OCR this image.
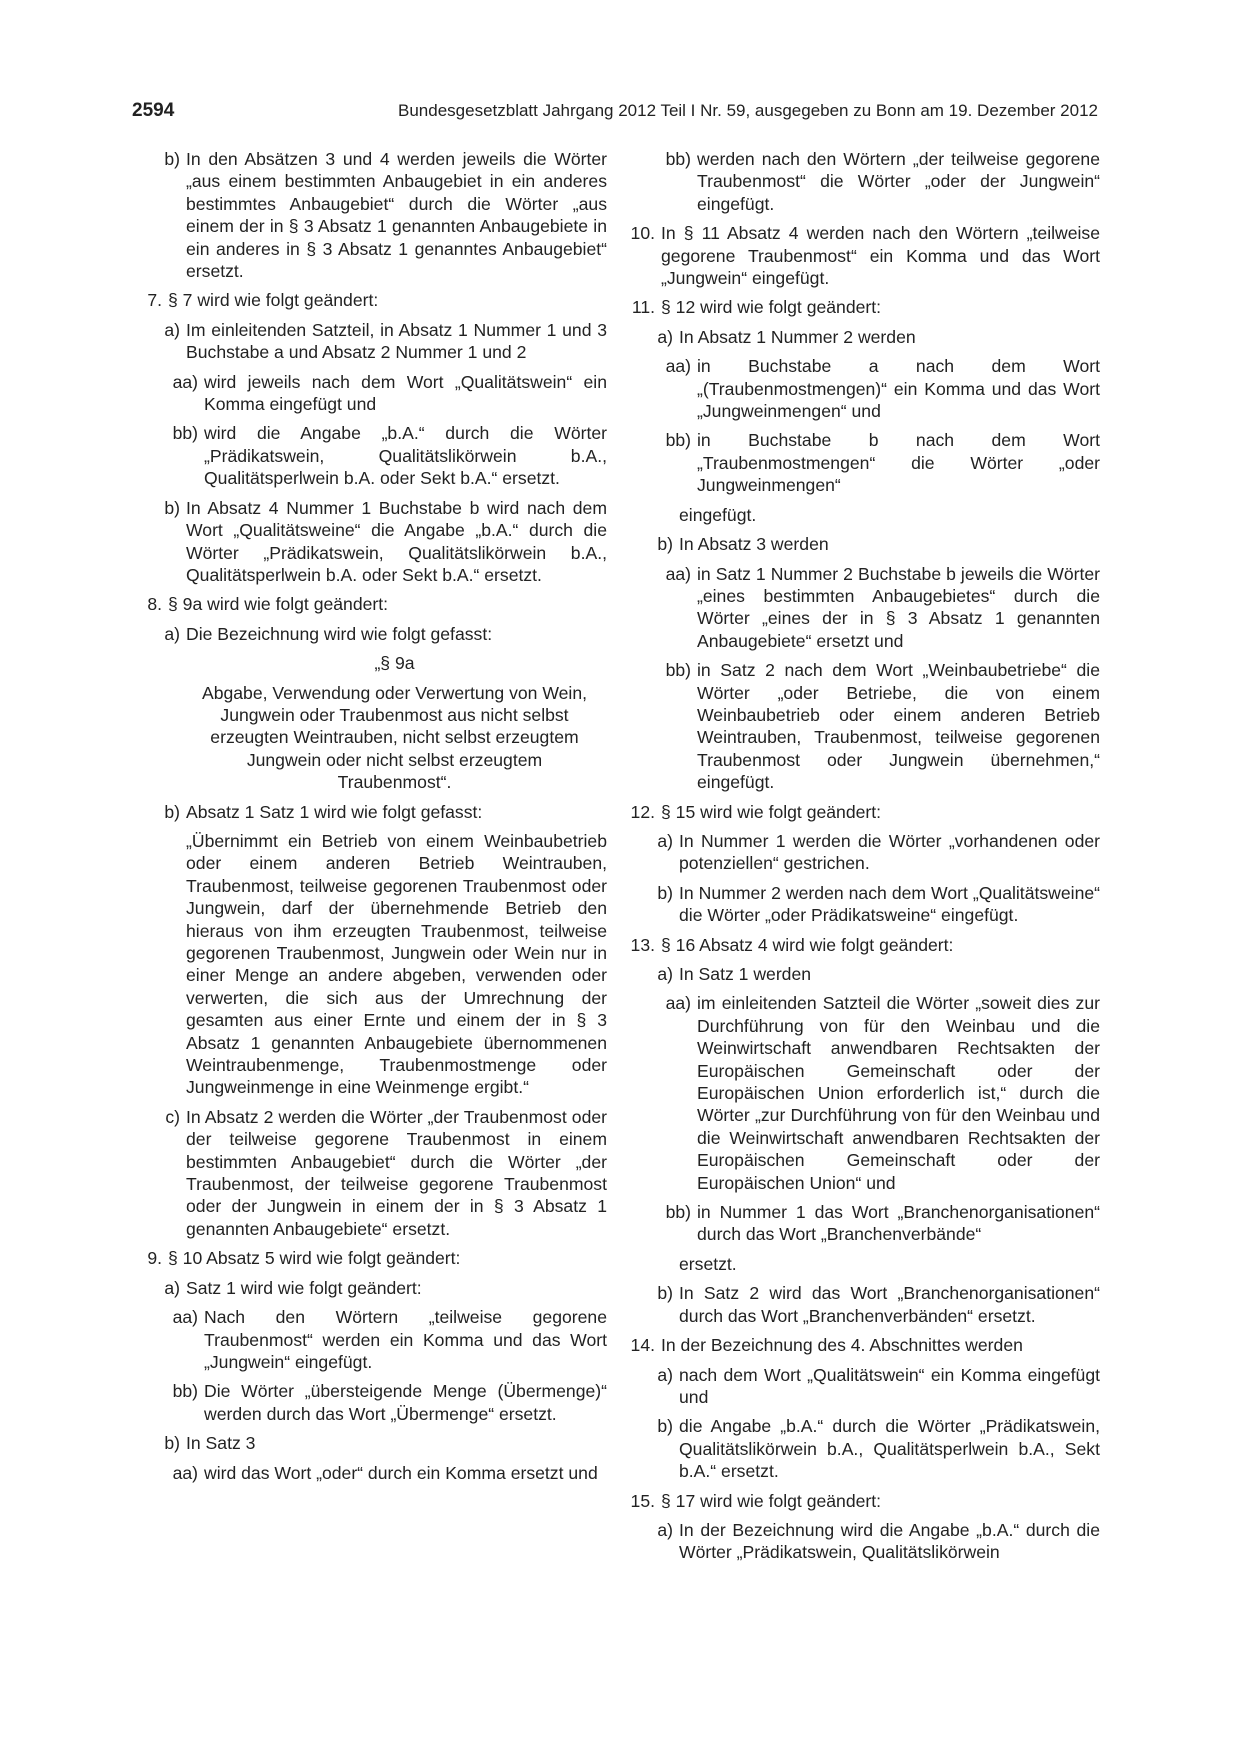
2594	Bundesgesetzblatt Jahrgang 2012 Teil I Nr. 59, ausgegeben zu Bonn am 19. Dezember 2012
b) In den Absätzen 3 und 4 werden jeweils die Wörter „aus einem bestimmten Anbaugebiet in ein anderes bestimmtes Anbaugebiet“ durch die Wörter „aus einem der in § 3 Absatz 1 genannten Anbaugebiete in ein anderes in § 3 Absatz 1 genanntes Anbaugebiet“ ersetzt.
7. § 7 wird wie folgt geändert:
a) Im einleitenden Satzteil, in Absatz 1 Nummer 1 und 3 Buchstabe a und Absatz 2 Nummer 1 und 2
aa) wird jeweils nach dem Wort „Qualitätswein“ ein Komma eingefügt und
bb) wird die Angabe „b.A.“ durch die Wörter „Prädikatswein, Qualitätslikörwein b.A., Qualitätsperlwein b.A. oder Sekt b.A.“ ersetzt.
b) In Absatz 4 Nummer 1 Buchstabe b wird nach dem Wort „Qualitätsweine“ die Angabe „b.A.“ durch die Wörter „Prädikatswein, Qualitätslikörwein b.A., Qualitätsperlwein b.A. oder Sekt b.A.“ ersetzt.
8. § 9a wird wie folgt geändert:
a) Die Bezeichnung wird wie folgt gefasst:
„§ 9a
Abgabe, Verwendung oder Verwertung von Wein, Jungwein oder Traubenmost aus nicht selbst erzeugten Weintrauben, nicht selbst erzeugtem Jungwein oder nicht selbst erzeugtem Traubenmost“.
b) Absatz 1 Satz 1 wird wie folgt gefasst:
„Übernimmt ein Betrieb von einem Weinbaubetrieb oder einem anderen Betrieb Weintrauben, Traubenmost, teilweise gegorenen Traubenmost oder Jungwein, darf der übernehmende Betrieb den hieraus von ihm erzeugten Traubenmost, teilweise gegorenen Traubenmost, Jungwein oder Wein nur in einer Menge an andere abgeben, verwenden oder verwerten, die sich aus der Umrechnung der gesamten aus einer Ernte und einem der in § 3 Absatz 1 genannten Anbaugebiete übernommenen Weintraubenmenge, Traubenmostmenge oder Jungweinmenge in eine Weinmenge ergibt.“
c) In Absatz 2 werden die Wörter „der Traubenmost oder der teilweise gegorene Traubenmost in einem bestimmten Anbaugebiet“ durch die Wörter „der Traubenmost, der teilweise gegorene Traubenmost oder der Jungwein in einem der in § 3 Absatz 1 genannten Anbaugebiete“ ersetzt.
9. § 10 Absatz 5 wird wie folgt geändert:
a) Satz 1 wird wie folgt geändert:
aa) Nach den Wörtern „teilweise gegorene Traubenmost“ werden ein Komma und das Wort „Jungwein“ eingefügt.
bb) Die Wörter „übersteigende Menge (Übermenge)“ werden durch das Wort „Übermenge“ ersetzt.
b) In Satz 3
aa) wird das Wort „oder“ durch ein Komma ersetzt und
bb) werden nach den Wörtern „der teilweise gegorene Traubenmost“ die Wörter „oder der Jungwein“ eingefügt.
10. In § 11 Absatz 4 werden nach den Wörtern „teilweise gegorene Traubenmost“ ein Komma und das Wort „Jungwein“ eingefügt.
11. § 12 wird wie folgt geändert:
a) In Absatz 1 Nummer 2 werden
aa) in Buchstabe a nach dem Wort „(Traubenmostmengen)“ ein Komma und das Wort „Jungweinmengen“ und
bb) in Buchstabe b nach dem Wort „Traubenmostmengen“ die Wörter „oder Jungweinmengen“
eingefügt.
b) In Absatz 3 werden
aa) in Satz 1 Nummer 2 Buchstabe b jeweils die Wörter „eines bestimmten Anbaugebietes“ durch die Wörter „eines der in § 3 Absatz 1 genannten Anbaugebiete“ ersetzt und
bb) in Satz 2 nach dem Wort „Weinbaubetriebe“ die Wörter „oder Betriebe, die von einem Weinbaubetrieb oder einem anderen Betrieb Weintrauben, Traubenmost, teilweise gegorenen Traubenmost oder Jungwein übernehmen,“ eingefügt.
12. § 15 wird wie folgt geändert:
a) In Nummer 1 werden die Wörter „vorhandenen oder potenziellen“ gestrichen.
b) In Nummer 2 werden nach dem Wort „Qualitätsweine“ die Wörter „oder Prädikatsweine“ eingefügt.
13. § 16 Absatz 4 wird wie folgt geändert:
a) In Satz 1 werden
aa) im einleitenden Satzteil die Wörter „soweit dies zur Durchführung von für den Weinbau und die Weinwirtschaft anwendbaren Rechtsakten der Europäischen Gemeinschaft oder der Europäischen Union erforderlich ist,“ durch die Wörter „zur Durchführung von für den Weinbau und die Weinwirtschaft anwendbaren Rechtsakten der Europäischen Gemeinschaft oder der Europäischen Union“ und
bb) in Nummer 1 das Wort „Branchenorganisationen“ durch das Wort „Branchenverbände“
ersetzt.
b) In Satz 2 wird das Wort „Branchenorganisationen“ durch das Wort „Branchenverbänden“ ersetzt.
14. In der Bezeichnung des 4. Abschnittes werden
a) nach dem Wort „Qualitätswein“ ein Komma eingefügt und
b) die Angabe „b.A.“ durch die Wörter „Prädikatswein, Qualitätslikörwein b.A., Qualitätsperlwein b.A., Sekt b.A.“ ersetzt.
15. § 17 wird wie folgt geändert:
a) In der Bezeichnung wird die Angabe „b.A.“ durch die Wörter „Prädikatswein, Qualitätslikörwein
